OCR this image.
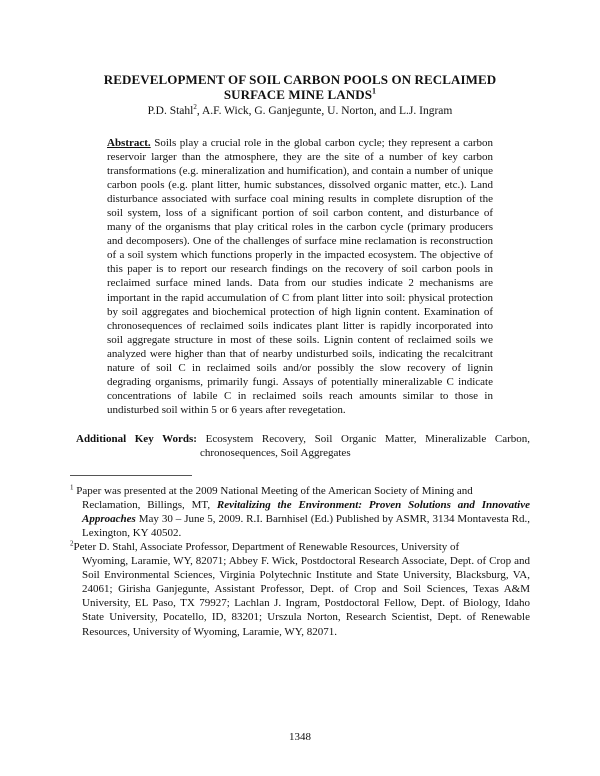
REDEVELOPMENT OF SOIL CARBON POOLS ON RECLAIMED
SURFACE MINE LANDS$^1$
P.D. Stahl$^2$, A.F. Wick, G. Ganjegunte, U. Norton, and L.J. Ingram
Abstract. Soils play a crucial role in the global carbon cycle; they represent a carbon reservoir larger than the atmosphere, they are the site of a number of key carbon transformations (e.g. mineralization and humification), and contain a number of unique carbon pools (e.g. plant litter, humic substances, dissolved organic matter, etc.). Land disturbance associated with surface coal mining results in complete disruption of the soil system, loss of a significant portion of soil carbon content, and disturbance of many of the organisms that play critical roles in the carbon cycle (primary producers and decomposers). One of the challenges of surface mine reclamation is reconstruction of a soil system which functions properly in the impacted ecosystem. The objective of this paper is to report our research findings on the recovery of soil carbon pools in reclaimed surface mined lands. Data from our studies indicate 2 mechanisms are important in the rapid accumulation of C from plant litter into soil: physical protection by soil aggregates and biochemical protection of high lignin content. Examination of chronosequences of reclaimed soils indicates plant litter is rapidly incorporated into soil aggregate structure in most of these soils. Lignin content of reclaimed soils we analyzed were higher than that of nearby undisturbed soils, indicating the recalcitrant nature of soil C in reclaimed soils and/or possibly the slow recovery of lignin degrading organisms, primarily fungi. Assays of potentially mineralizable C indicate concentrations of labile C in reclaimed soils reach amounts similar to those in undisturbed soil within 5 or 6 years after revegetation.
Additional Key Words: Ecosystem Recovery, Soil Organic Matter, Mineralizable Carbon,
chronosequences, Soil Aggregates
$^1$ Paper was presented at the 2009 National Meeting of the American Society of Mining and
Reclamation, Billings, MT, Revitalizing the Environment: Proven Solutions and Innovative Approaches May 30 – June 5, 2009. R.I. Barnhisel (Ed.) Published by ASMR, 3134 Montavesta Rd., Lexington, KY 40502.
$^2$Peter D. Stahl, Associate Professor, Department of Renewable Resources, University of
Wyoming, Laramie, WY, 82071; Abbey F. Wick, Postdoctoral Research Associate, Dept. of Crop and Soil Environmental Sciences, Virginia Polytechnic Institute and State University, Blacksburg, VA, 24061; Girisha Ganjegunte, Assistant Professor, Dept. of Crop and Soil Sciences, Texas A&M University, EL Paso, TX 79927; Lachlan J. Ingram, Postdoctoral Fellow, Dept. of Biology, Idaho State University, Pocatello, ID, 83201; Urszula Norton, Research Scientist, Dept. of Renewable Resources, University of Wyoming, Laramie, WY, 82071.
1348
